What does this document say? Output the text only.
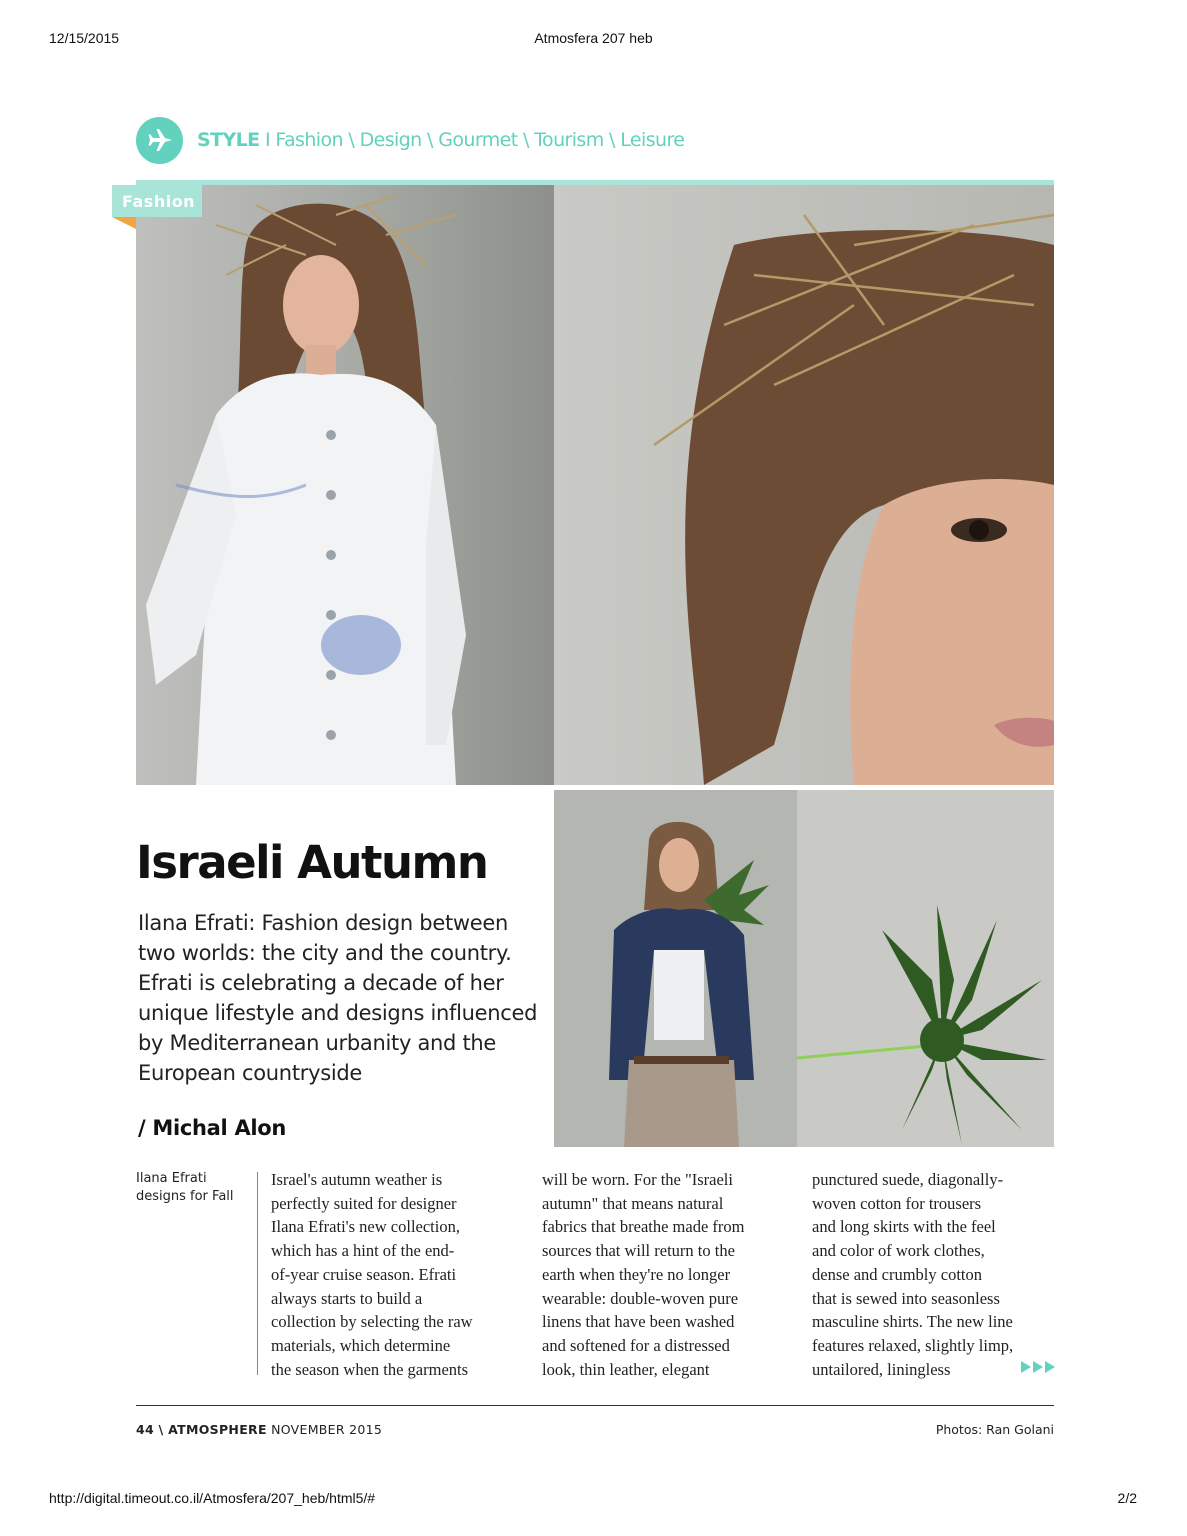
12/15/2015	Atmosfera 207 heb
STYLE I Fashion \ Design \ Gourmet \ Tourism \ Leisure
Fashion
Israeli Autumn

Ilana Efrati: Fashion design between two worlds: the city and the country. Efrati is celebrating a decade of her unique lifestyle and designs influenced by Mediterranean urbanity and the European countryside

/ Michal Alon
Ilana Efrati designs for Fall
Israel's autumn weather is
perfectly suited for designer
Ilana Efrati's new collection,
which has a hint of the end-
of-year cruise season. Efrati
always starts to build a
collection by selecting the raw
materials, which determine
the season when the garments
will be worn. For the "Israeli
autumn" that means natural
fabrics that breathe made from
sources that will return to the
earth when they're no longer
wearable: double-woven pure
linens that have been washed
and softened for a distressed
look, thin leather, elegant
punctured suede, diagonally-
woven cotton for trousers
and long skirts with the feel
and color of work clothes,
dense and crumbly cotton
that is sewed into seasonless
masculine shirts. The new line
features relaxed, slightly limp,
untailored, liningless
44 \ ATMOSPHERE NOVEMBER 2015	Photos: Ran Golani
http://digital.timeout.co.il/Atmosfera/207_heb/html5/#	2/2
